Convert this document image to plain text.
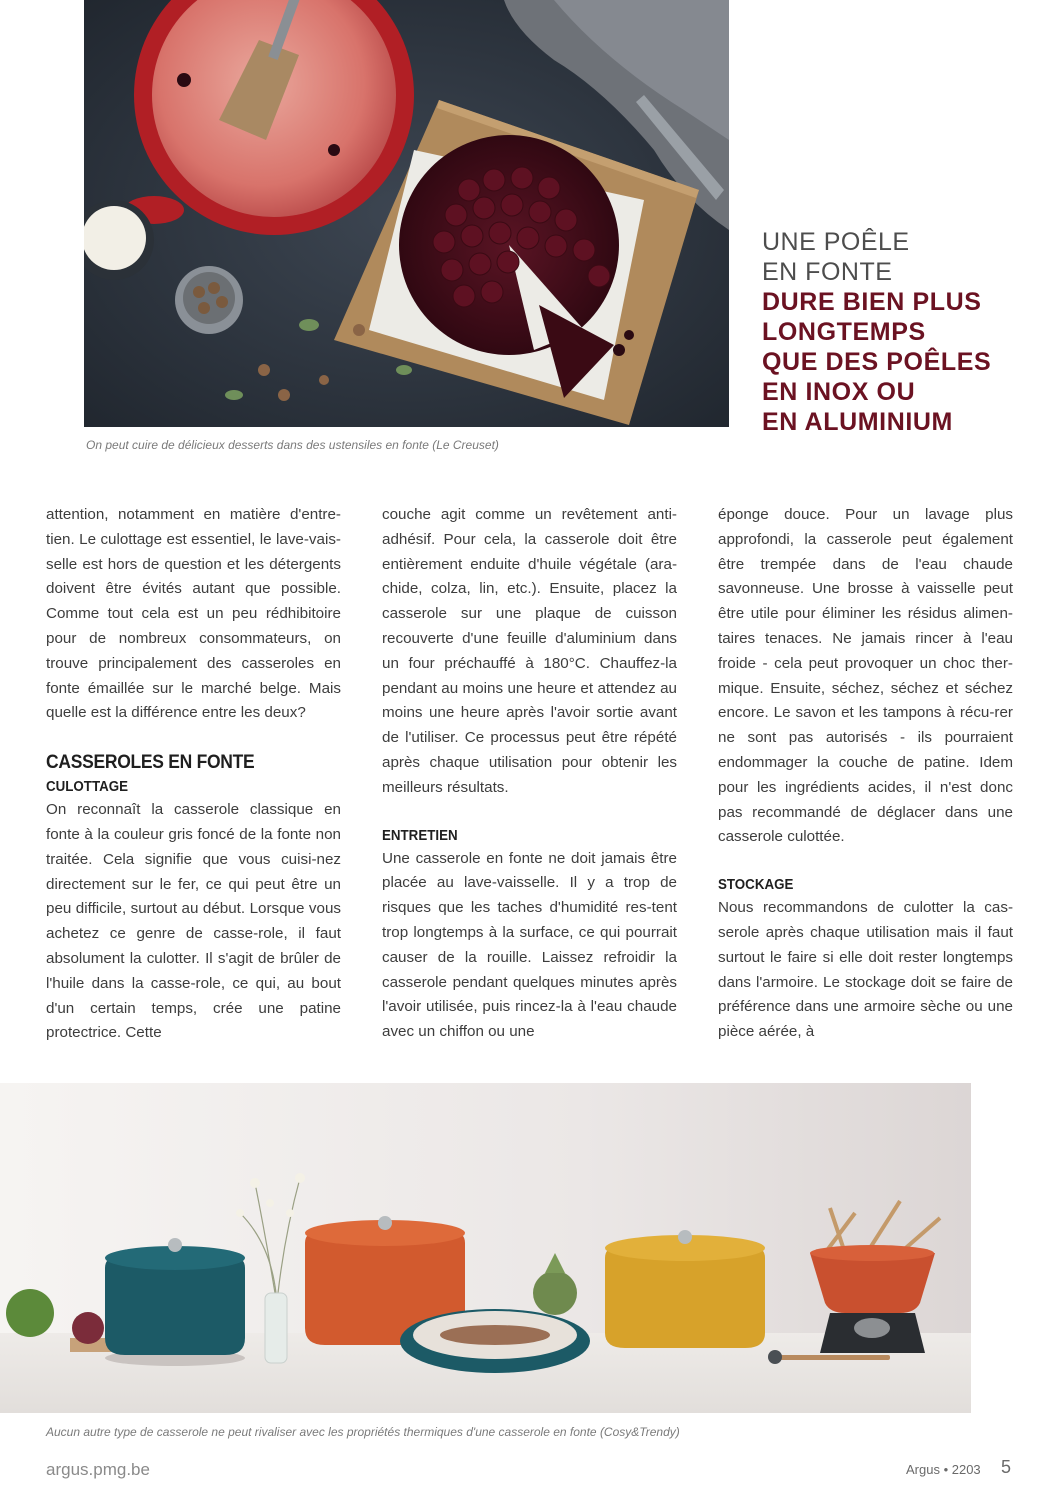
On peut cuire de délicieux desserts dans des ustensiles en fonte (Le Creuset)
UNE POÊLE
EN FONTE
DURE BIEN PLUS
LONGTEMPS
QUE DES POÊLES
EN INOX OU
EN ALUMINIUM

attention, notamment en matière d'entre-tien. Le culottage est essentiel, le lave-vais-selle est hors de question et les détergents doivent être évités autant que possible. Comme tout cela est un peu rédhibitoire pour de nombreux consommateurs, on trouve principalement des casseroles en fonte émaillée sur le marché belge. Mais quelle est la différence entre les deux?

CASSEROLES EN FONTE
CULOTTAGE

On reconnaît la casserole classique en fonte à la couleur gris foncé de la fonte non traitée. Cela signifie que vous cuisi-nez directement sur le fer, ce qui peut être un peu difficile, surtout au début. Lorsque vous achetez ce genre de casse-role, il faut absolument la culotter. Il s'agit de brûler de l'huile dans la casse-role, ce qui, au bout d'un certain temps, crée une patine protectrice. Cette

couche agit comme un revêtement anti-adhésif. Pour cela, la casserole doit être entièrement enduite d'huile végétale (ara-chide, colza, lin, etc.). Ensuite, placez la casserole sur une plaque de cuisson recouverte d'une feuille d'aluminium dans un four préchauffé à 180°C. Chauffez-la pendant au moins une heure et attendez au moins une heure après l'avoir sortie avant de l'utiliser. Ce processus peut être répété après chaque utilisation pour obtenir les meilleurs résultats.

ENTRETIEN

Une casserole en fonte ne doit jamais être placée au lave-vaisselle. Il y a trop de risques que les taches d'humidité res-tent trop longtemps à la surface, ce qui pourrait causer de la rouille. Laissez refroidir la casserole pendant quelques minutes après l'avoir utilisée, puis rincez-la à l'eau chaude avec un chiffon ou une

éponge douce. Pour un lavage plus approfondi, la casserole peut également être trempée dans de l'eau chaude savonneuse. Une brosse à vaisselle peut être utile pour éliminer les résidus alimen-taires tenaces. Ne jamais rincer à l'eau froide - cela peut provoquer un choc ther-mique. Ensuite, séchez, séchez et séchez encore. Le savon et les tampons à récu-rer ne sont pas autorisés - ils pourraient endommager la couche de patine. Idem pour les ingrédients acides, il n'est donc pas recommandé de déglacer dans une casserole culottée.

STOCKAGE

Nous recommandons de culotter la cas-serole après chaque utilisation mais il faut surtout le faire si elle doit rester longtemps dans l'armoire. Le stockage doit se faire de préférence dans une armoire sèche ou une pièce aérée, à

Aucun autre type de casserole ne peut rivaliser avec les propriétés thermiques d'une casserole en fonte (Cosy&Trendy)
argus.pmg.be	Argus • 2203 5
